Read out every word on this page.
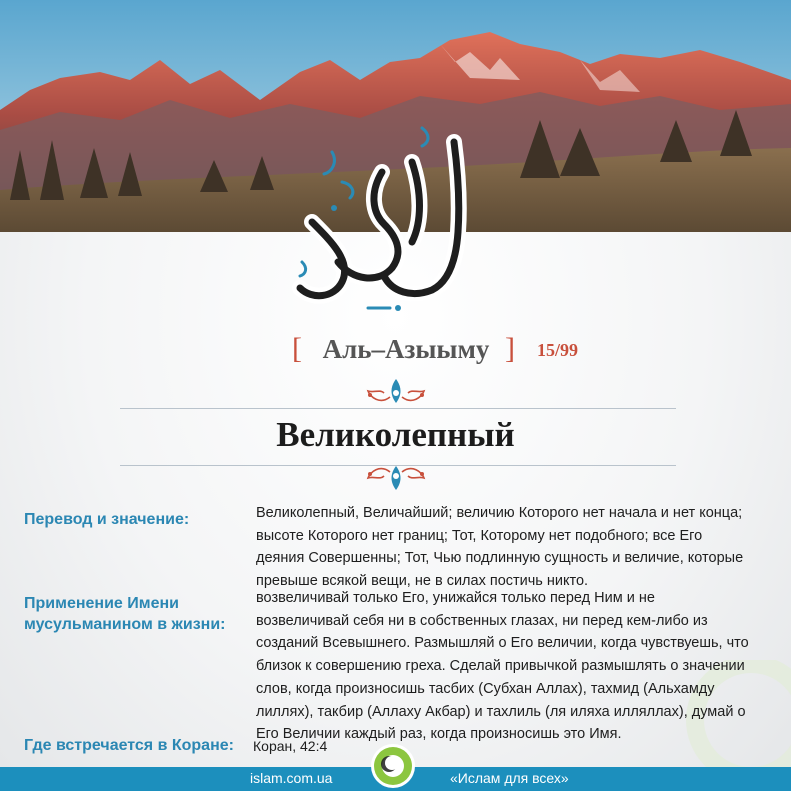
[ Аль–Азыыму ] 15/99
Великолепный
Перевод и значение:	Великолепный, Величайший; величию Которого нет начала и нет конца;
высоте Которого нет границ; Тот, Которому нет подобного; все Его
деяния Совершенны; Тот, Чью подлинную сущность и величие, которые
превыше всякой вещи, не в силах постичь никто.
Применение Имени
мусульманином в жизни:
возвеличивай только Его, унижайся только перед Ним и не
возвеличивай себя ни в собственных глазах, ни перед кем-либо из
созданий Всевышнего. Размышляй о Его величии, когда чувствуешь, что
близок к совершению греха. Сделай привычкой размышлять о значении
слов, когда произносишь тасбих (Субхан Аллах), тахмид (Альхамду
лиллях), такбир (Аллаху Акбар) и тахлиль (ля иляха илляллах), думай о
Его Величии каждый раз, когда произносишь это Имя.
Где встречается в Коране: Коран, 42:4
islam.com.ua	«Ислам для всех»
